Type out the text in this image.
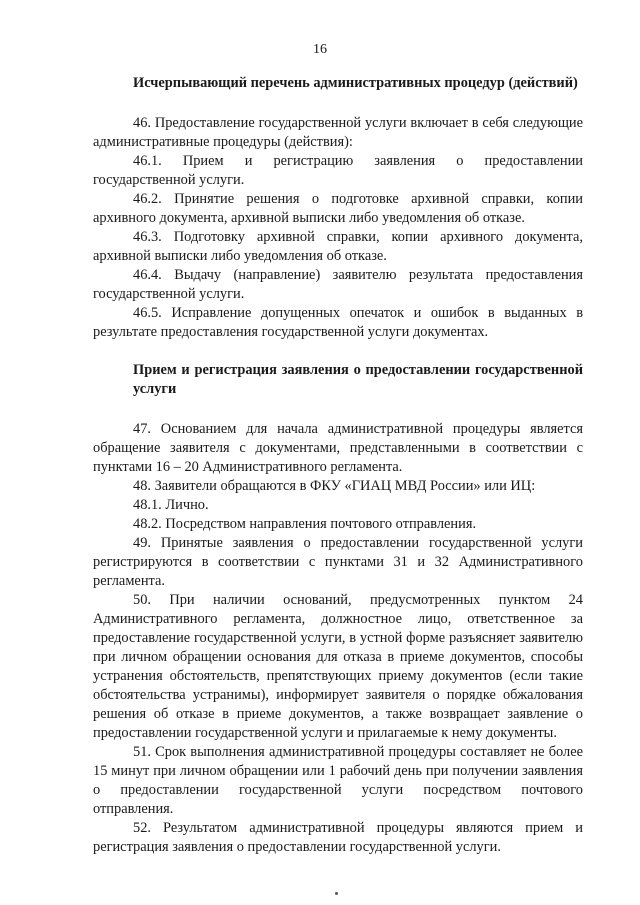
16
Исчерпывающий перечень административных процедур (действий)

46. Предоставление государственной услуги включает в себя следующие административные процедуры (действия):

46.1. Прием и регистрацию заявления о предоставлении государственной услуги.

46.2. Принятие решения о подготовке архивной справки, копии архивного документа, архивной выписки либо уведомления об отказе.

46.3. Подготовку архивной справки, копии архивного документа, архивной выписки либо уведомления об отказе.

46.4. Выдачу (направление) заявителю результата предоставления государственной услуги.

46.5. Исправление допущенных опечаток и ошибок в выданных в результате предоставления государственной услуги документах.

Прием и регистрация заявления о предоставлении государственной услуги

47. Основанием для начала административной процедуры является обращение заявителя с документами, представленными в соответствии с пунктами 16 – 20 Административного регламента.

48. Заявители обращаются в ФКУ «ГИАЦ МВД России» или ИЦ:

48.1. Лично.

48.2. Посредством направления почтового отправления.

49. Принятые заявления о предоставлении государственной услуги регистрируются в соответствии с пунктами 31 и 32 Административного регламента.

50. При наличии оснований, предусмотренных пунктом 24 Административного регламента, должностное лицо, ответственное за предоставление государственной услуги, в устной форме разъясняет заявителю при личном обращении основания для отказа в приеме документов, способы устранения обстоятельств, препятствующих приему документов (если такие обстоятельства устранимы), информирует заявителя о порядке обжалования решения об отказе в приеме документов, а также возвращает заявление о предоставлении государственной услуги и прилагаемые к нему документы.

51. Срок выполнения административной процедуры составляет не более 15 минут при личном обращении или 1 рабочий день при получении заявления о предоставлении государственной услуги посредством почтового отправления.

52. Результатом административной процедуры являются прием и регистрация заявления о предоставлении государственной услуги.
